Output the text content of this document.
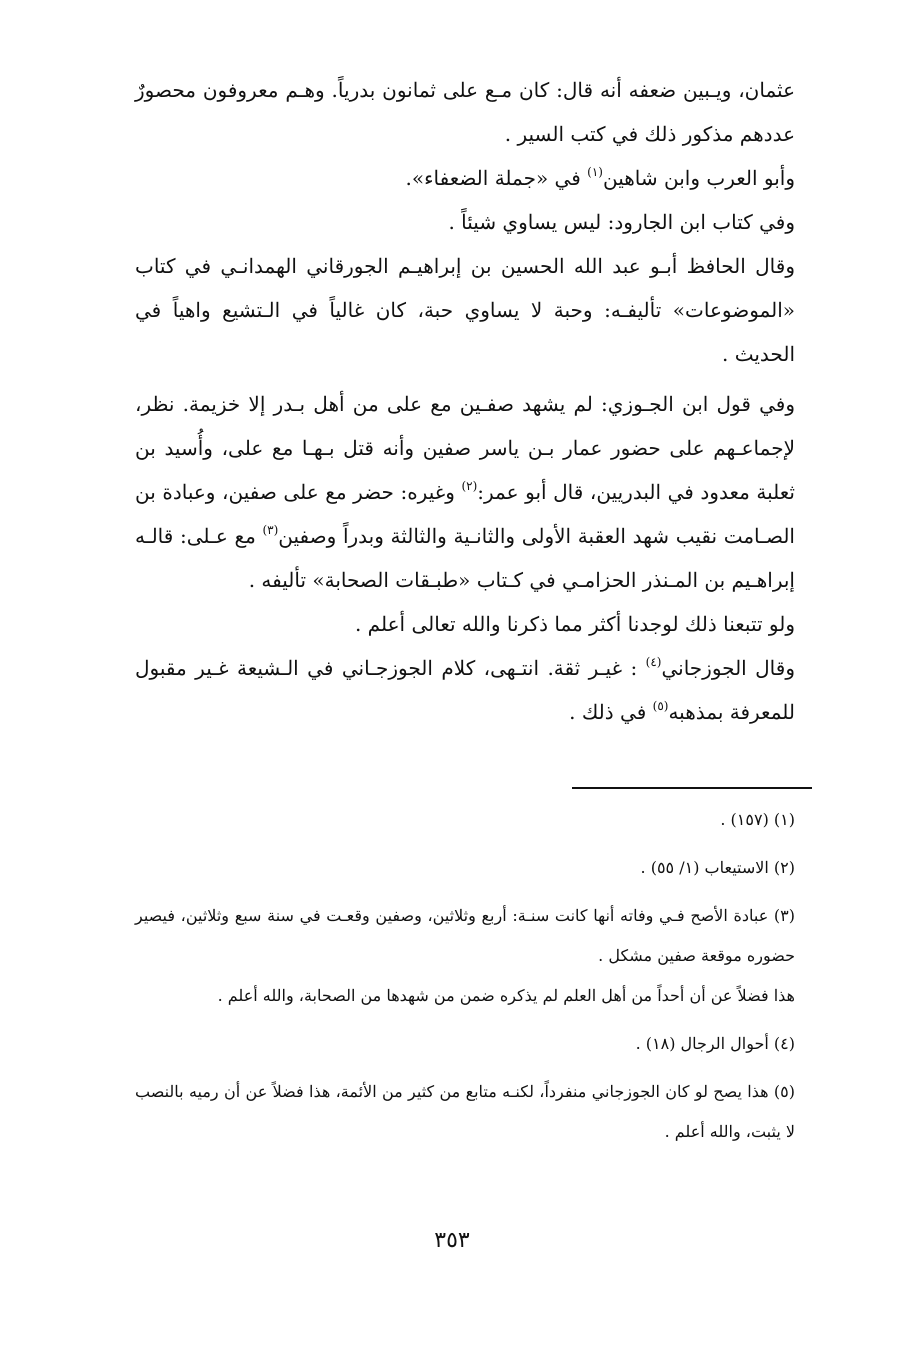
عثمان، ويـبين ضعفه أنه قال: كان مـع على ثمانون بدرياً. وهـم معروفون محصورٌ عددهم مذكور ذلك في كتب السير .

وأبو العرب وابن شاهين$^{(١)}$ في «جملة الضعفاء».

وفي كتاب ابن الجارود: ليس يساوي شيئاً .

وقال الحافظ أبـو عبد الله الحسين بن إبراهيـم الجورقاني الهمدانـي في كتاب «الموضوعات» تأليفـه: وحبة لا يساوي حبة، كان غالياً في الـتشيع واهياً في الحديث .

وفي قول ابن الجـوزي: لم يشهد صفـين مع على من أهل بـدر إلا خزيمة. نظر، لإجماعـهم على حضور عمار بـن ياسر صفين وأنه قتل بـهـا مع على، وأُسيد بن ثعلبة معدود في البدريين، قال أبو عمر:$^{(٢)}$ وغيره: حضر مع على صفين، وعبادة بن الصـامت نقيب شهد العقبة الأولى والثانـية والثالثة وبدراً وصفين$^{(٣)}$ مع عـلى: قالـه إبراهـيم بن المـنذر الحزامـي في كـتاب «طبـقات الصحابة» تأليفه .

ولو تتبعنا ذلك لوجدنا أكثر مما ذكرنا والله تعالى أعلم .

وقال الجوزجاني$^{(٤)}$ : غيـر ثقة. انتـهى، كلام الجوزجـاني في الـشيعة غـير مقبول للمعرفة بمذهبه$^{(٥)}$ في ذلك .

(١) (١٥٧) .

(٢) الاستيعاب (١/ ٥٥) .

(٣) عبادة الأصح فـي وفاته أنها كانت سنـة: أربع وثلاثين، وصفين وقعـت في سنة سبع وثلاثين، فيصير حضوره موقعة صفين مشكل .

هذا فضلاً عن أن أحداً من أهل العلم لم يذكره ضمن من شهدها من الصحابة، والله أعلم .

(٤) أحوال الرجال (١٨) .

(٥) هذا يصح لو كان الجوزجاني منفرداً، لكنـه متابع من كثير من الأئمة، هذا فضلاً عن أن رميه بالنصب لا يثبت، والله أعلم .

٣٥٣
